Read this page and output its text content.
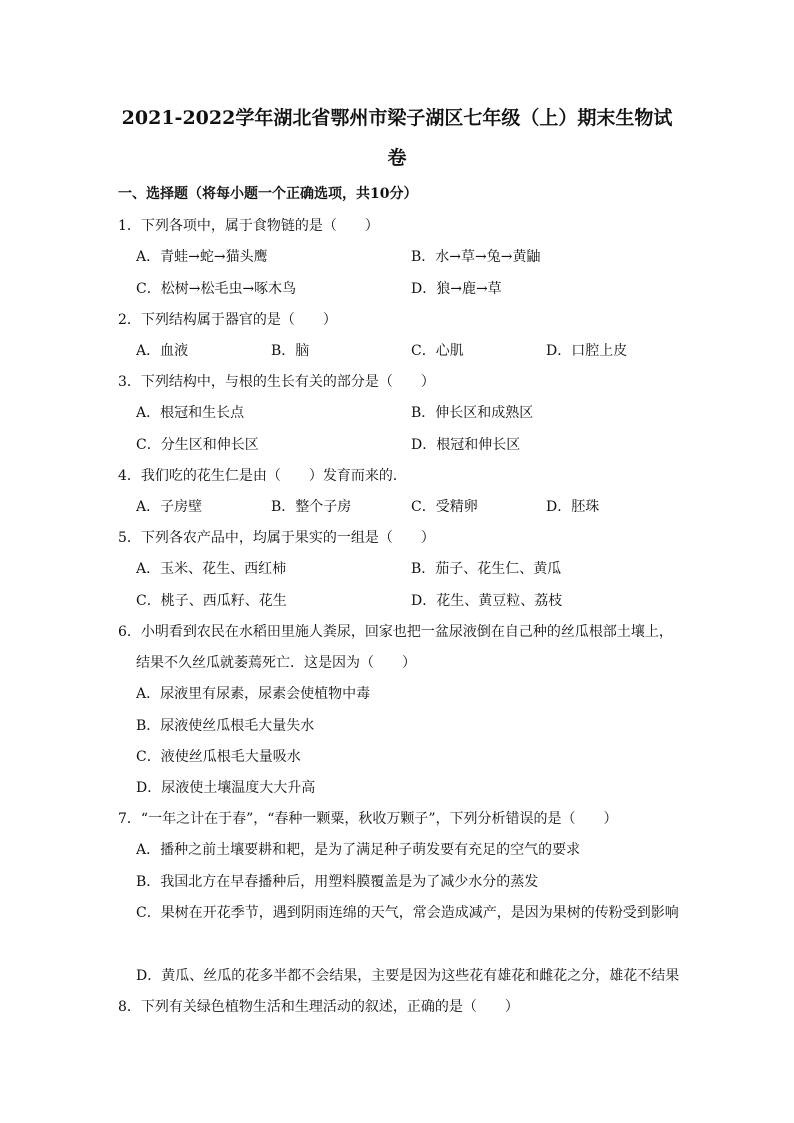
2021-2022学年湖北省鄂州市梁子湖区七年级（上）期末生物试
卷
一、选择题（将每小题一个正确选项，共10分）
1．下列各项中，属于食物链的是（　　）
A．青蛙→蛇→猫头鹰	B．水→草→兔→黄鼬
C．松树→松毛虫→啄木鸟	D．狼→鹿→草
2．下列结构属于器官的是（　　）
A．血液	B．脑	C．心肌	D．口腔上皮
3．下列结构中，与根的生长有关的部分是（　　）
A．根冠和生长点	B．伸长区和成熟区
C．分生区和伸长区	D．根冠和伸长区
4．我们吃的花生仁是由（　　）发育而来的．
A．子房壁	B．整个子房	C．受精卵	D．胚珠
5．下列各农产品中，均属于果实的一组是（　　）
A．玉米、花生、西红柿	B．茄子、花生仁、黄瓜
C．桃子、西瓜籽、花生	D．花生、黄豆粒、荔枝
6．小明看到农民在水稻田里施人粪尿，回家也把一盆尿液倒在自己种的丝瓜根部土壤上，
结果不久丝瓜就萎蔫死亡．这是因为（　　）
A．尿液里有尿素，尿素会使植物中毒
B．尿液使丝瓜根毛大量失水
C．液使丝瓜根毛大量吸水
D．尿液使土壤温度大大升高
7．“一年之计在于春”，“春种一颗粟，秋收万颗子”，下列分析错误的是（　　）
A．播种之前土壤要耕和耙，是为了满足种子萌发要有充足的空气的要求
B．我国北方在早春播种后，用塑料膜覆盖是为了减少水分的蒸发
C．果树在开花季节，遇到阴雨连绵的天气，常会造成减产，是因为果树的传粉受到影响
D．黄瓜、丝瓜的花多半都不会结果，主要是因为这些花有雄花和雌花之分，雄花不结果
8．下列有关绿色植物生活和生理活动的叙述，正确的是（　　）
